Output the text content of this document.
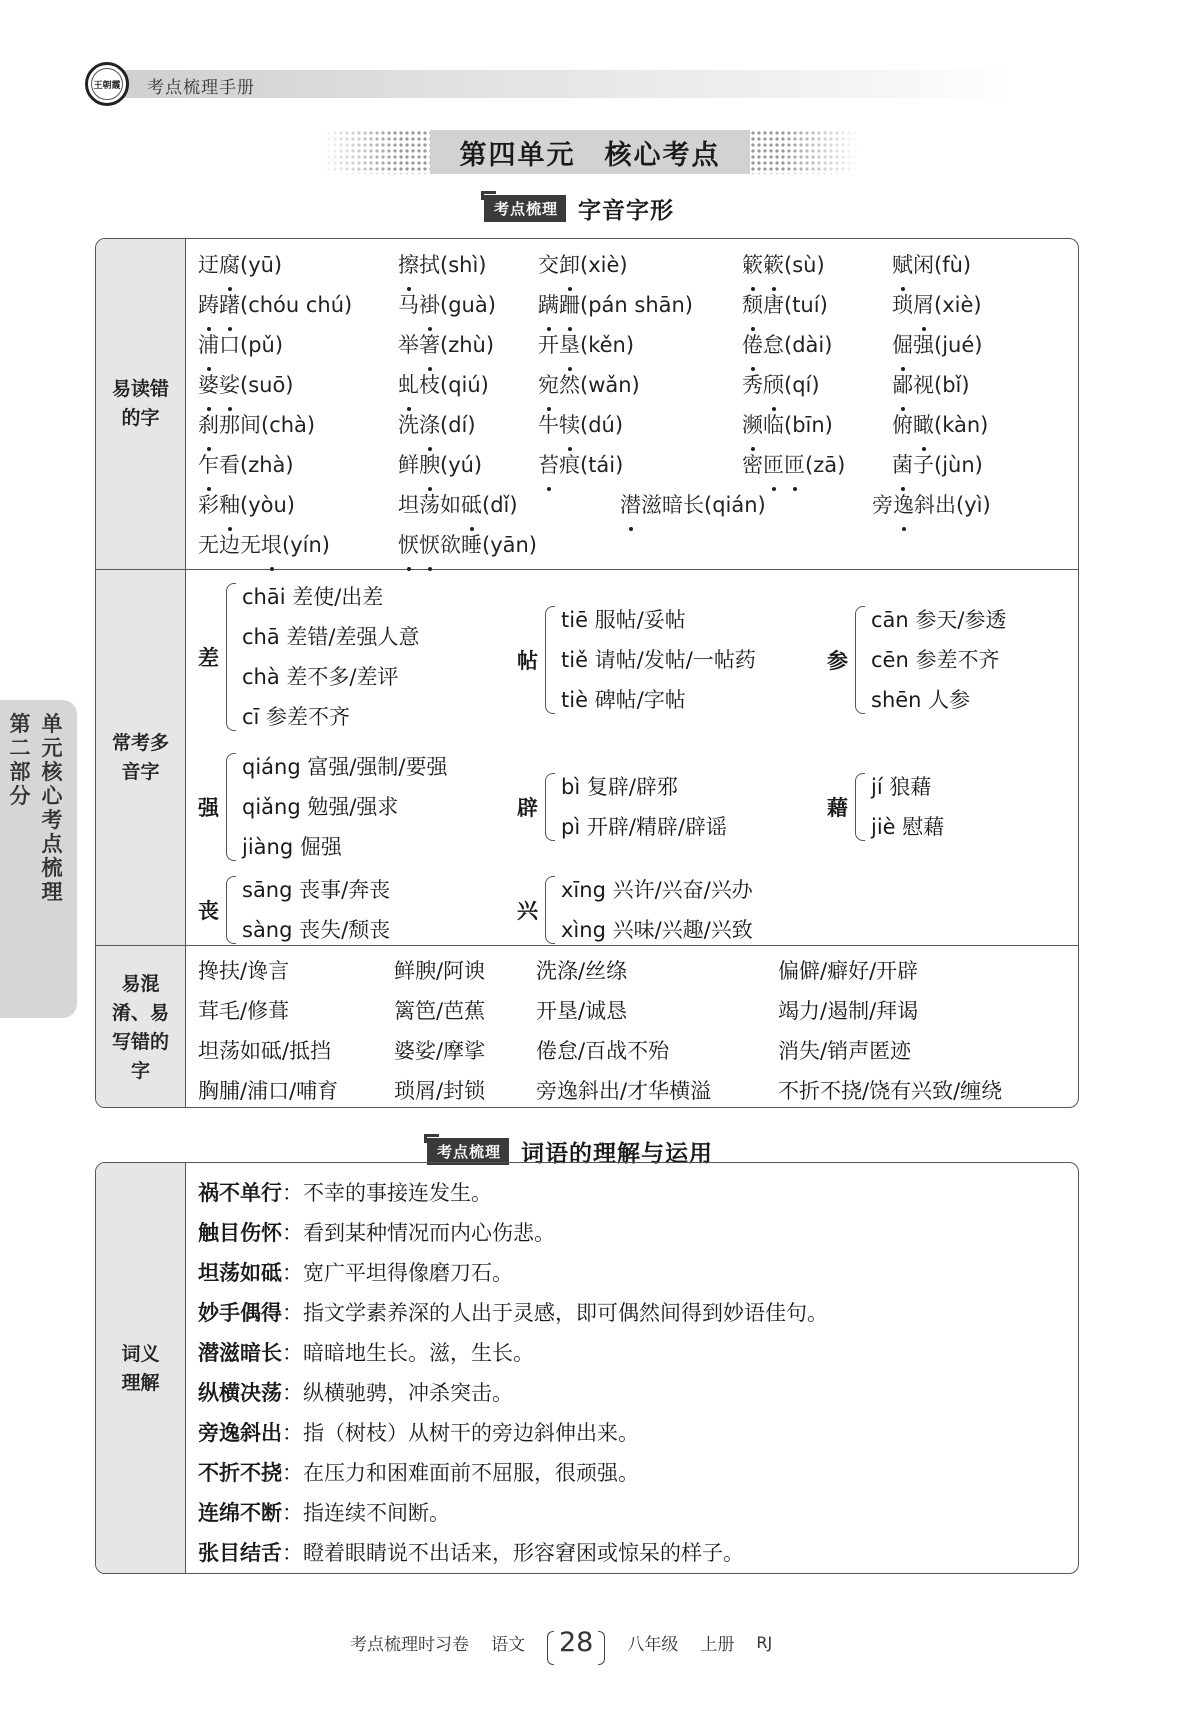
王朝霞 考点梳理手册
第四单元　核心考点
考点梳理 字音字形
易读错的字
常考多音字
易混淆、易写错的字
迂腐(yū)	擦拭(shì) 交卸(xiè)	簌簌(sù)	赋闲(fù)
踌躇(chóu chú) 马褂(guà) 蹒跚(pán shān) 颓唐(tuí)	琐屑(xiè)
浦口(pǔ)	举箸(zhù) 开垦(kěn)	倦怠(dài)	倔强(jué)
婆娑(suō)	虬枝(qiú) 宛然(wǎn)	秀颀(qí)	鄙视(bǐ)
刹那间(chà)	洗涤(dí)	牛犊(dú)	濒临(bīn)	俯瞰(kàn)
乍看(zhà)	鲜腴(yú)	苔痕(tái)	密匝匝(zā) 菌子(jùn)
彩釉(yòu)	坦荡如砥(dǐ)	潜滋暗长(qián)	旁逸斜出(yì)
无边无垠(yín)	恹恹欲睡(yān)
差
chāi 差使/出差
chā 差错/差强人意
chà 差不多/差评
cī 参差不齐
帖
tiē 服帖/妥帖
tiě 请帖/发帖/一帖药
tiè 碑帖/字帖
参
cān 参天/参透
cēn 参差不齐
shēn 人参
强
qiáng 富强/强制/要强
qiǎng 勉强/强求
jiàng 倔强
辟
bì 复辟/辟邪
pì 开辟/精辟/辟谣
藉
jí 狼藉
jiè 慰藉
丧
sāng 丧事/奔丧
sàng 丧失/颓丧
兴
xīng 兴许/兴奋/兴办
xìng 兴味/兴趣/兴致
搀扶/谗言	鲜腴/阿谀 洗涤/丝绦	偏僻/癖好/开辟
茸毛/修葺	篱笆/芭蕉 开垦/诚恳	竭力/遏制/拜谒
坦荡如砥/抵挡	婆娑/摩挲 倦怠/百战不殆	消失/销声匿迹
胸脯/浦口/哺育	琐屑/封锁 旁逸斜出/才华横溢	不折不挠/饶有兴致/缠绕
考点梳理 词语的理解与运用
词义理解
祸不单行：不幸的事接连发生。
触目伤怀：看到某种情况而内心伤悲。
坦荡如砥：宽广平坦得像磨刀石。
妙手偶得：指文学素养深的人出于灵感，即可偶然间得到妙语佳句。
潜滋暗长：暗暗地生长。滋，生长。
纵横决荡：纵横驰骋，冲杀突击。
旁逸斜出：指（树枝）从树干的旁边斜伸出来。
不折不挠：在压力和困难面前不屈服，很顽强。
连绵不断：指连续不间断。
张目结舌：瞪着眼睛说不出话来，形容窘困或惊呆的样子。
第二部分
单元核心考点梳理
考点梳理时习卷 语文	28	八年级 上册 RJ
